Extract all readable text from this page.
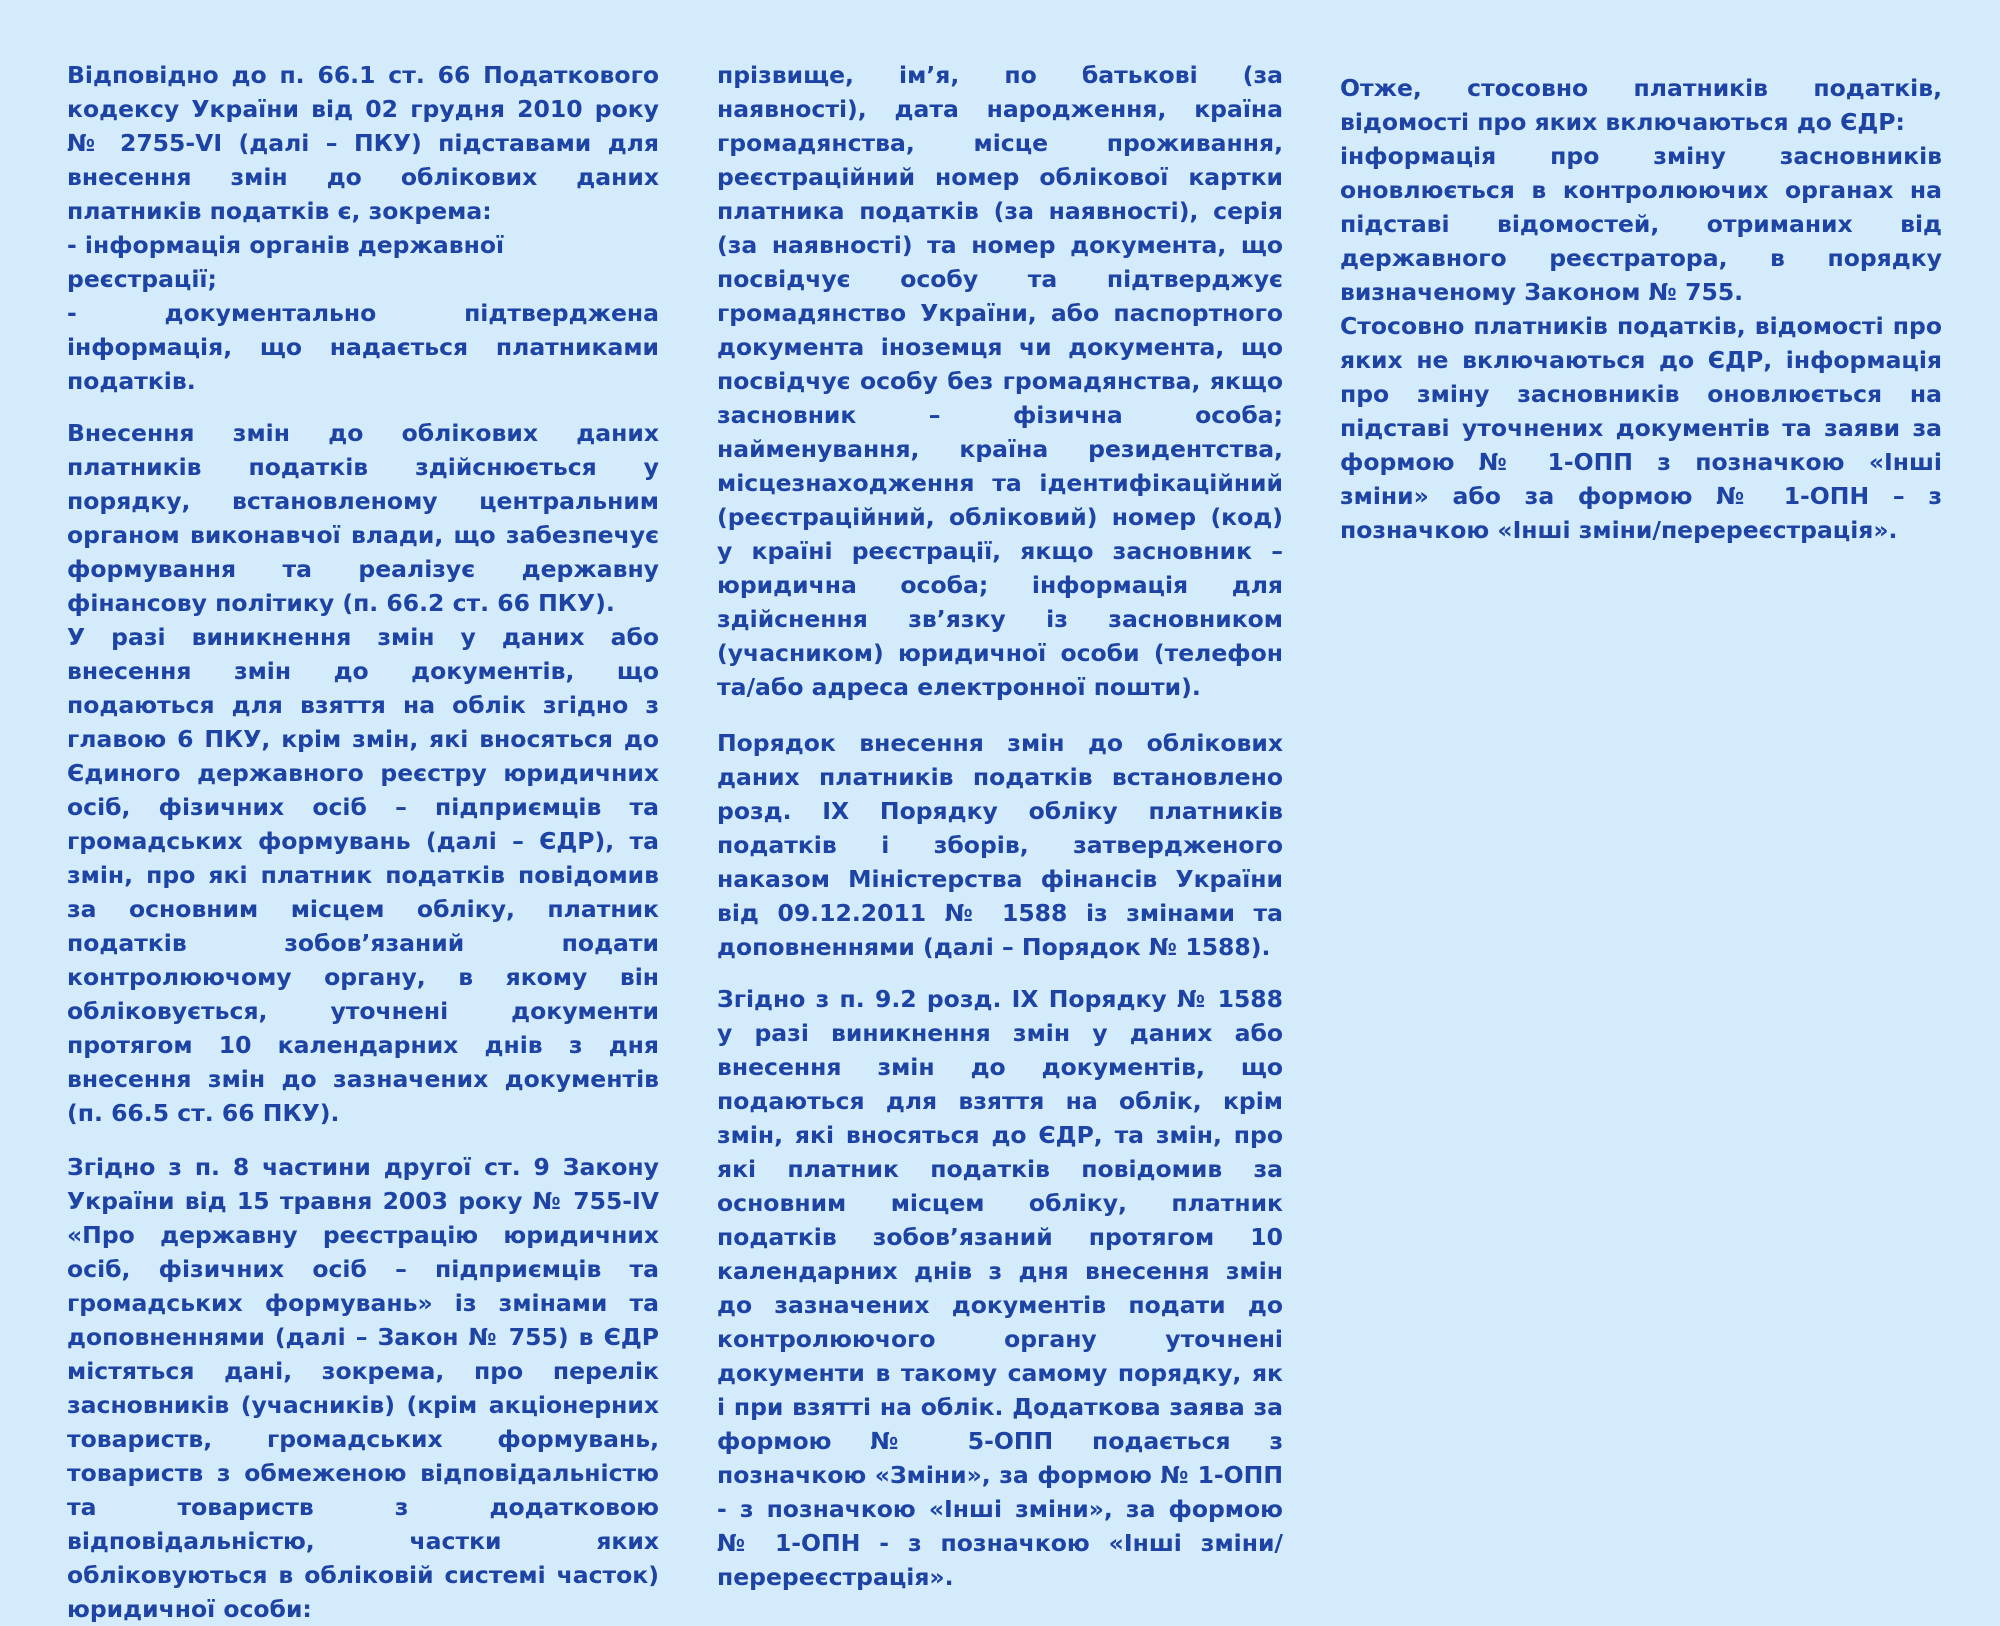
Відповідно до п. 66.1 ст. 66 Податкового кодексу України від 02 грудня 2010 року № 2755-VI (далі – ПКУ) підставами для внесення змін до облікових даних платників податків є, зокрема:

- інформація органів державної реєстрації;

- документально підтверджена інформація, що надається платниками податків.

Внесення змін до облікових даних платників податків здійснюється у порядку, встановленому центральним органом виконавчої влади, що забезпечує формування та реалізує державну фінансову політику (п. 66.2 ст. 66 ПКУ).

У разі виникнення змін у даних або внесення змін до документів, що подаються для взяття на облік згідно з главою 6 ПКУ, крім змін, які вносяться до Єдиного державного реєстру юридичних осіб, фізичних осіб – підприємців та громадських формувань (далі – ЄДР), та змін, про які платник податків повідомив за основним місцем обліку, платник податків зобов’язаний подати контролюючому органу, в якому він обліковується, уточнені документи протягом 10 календарних днів з дня внесення змін до зазначених документів (п. 66.5 ст. 66 ПКУ).

Згідно з п. 8 частини другої ст. 9 Закону України від 15 травня 2003 року № 755-IV «Про державну реєстрацію юридичних осіб, фізичних осіб – підприємців та громадських формувань» із змінами та доповненнями (далі – Закон № 755) в ЄДР містяться дані, зокрема, про перелік засновників (учасників) (крім акціонерних товариств, громадських формувань, товариств з обмеженою відповідальністю та товариств з додатковою відповідальністю, частки яких обліковуються в обліковій системі часток) юридичної особи:

прізвище, ім’я, по батькові (за наявності), дата народження, країна громадянства, місце проживання, реєстраційний номер облікової картки платника податків (за наявності), серія (за наявності) та номер документа, що посвідчує особу та підтверджує громадянство України, або паспортного документа іноземця чи документа, що посвідчує особу без громадянства, якщо засновник – фізична особа; найменування, країна резидентства, місцезнаходження та ідентифікаційний (реєстраційний, обліковий) номер (код) у країні реєстрації, якщо засновник – юридична особа; інформація для здійснення зв’язку із засновником (учасником) юридичної особи (телефон та/або адреса електронної пошти).

Порядок внесення змін до облікових даних платників податків встановлено розд. IX Порядку обліку платників податків і зборів, затвердженого наказом Міністерства фінансів України від 09.12.2011 № 1588 із змінами та доповненнями (далі – Порядок № 1588).

Згідно з п. 9.2 розд. IX Порядку № 1588 у разі виникнення змін у даних або внесення змін до документів, що подаються для взяття на облік, крім змін, які вносяться до ЄДР, та змін, про які платник податків повідомив за основним місцем обліку, платник податків зобов’язаний протягом 10 календарних днів з дня внесення змін до зазначених документів подати до контролюючого органу уточнені документи в такому самому порядку, як і при взятті на облік. Додаткова заява за формою № 5-ОПП подається з позначкою «Зміни», за формою № 1-ОПП - з позначкою «Інші зміни», за формою № 1-ОПН - з позначкою «Інші зміни/перереєстрація».

Отже, стосовно платників податків, відомості про яких включаються до ЄДР:

інформація про зміну засновників оновлюється в контролюючих органах на підставі відомостей, отриманих від державного реєстратора, в порядку визначеному Законом № 755.

Стосовно платників податків, відомості про яких не включаються до ЄДР, інформація про зміну засновників оновлюється на підставі уточнених документів та заяви за формою № 1-ОПП з позначкою «Інші зміни» або за формою № 1-ОПН – з позначкою «Інші зміни/перереєстрація».
